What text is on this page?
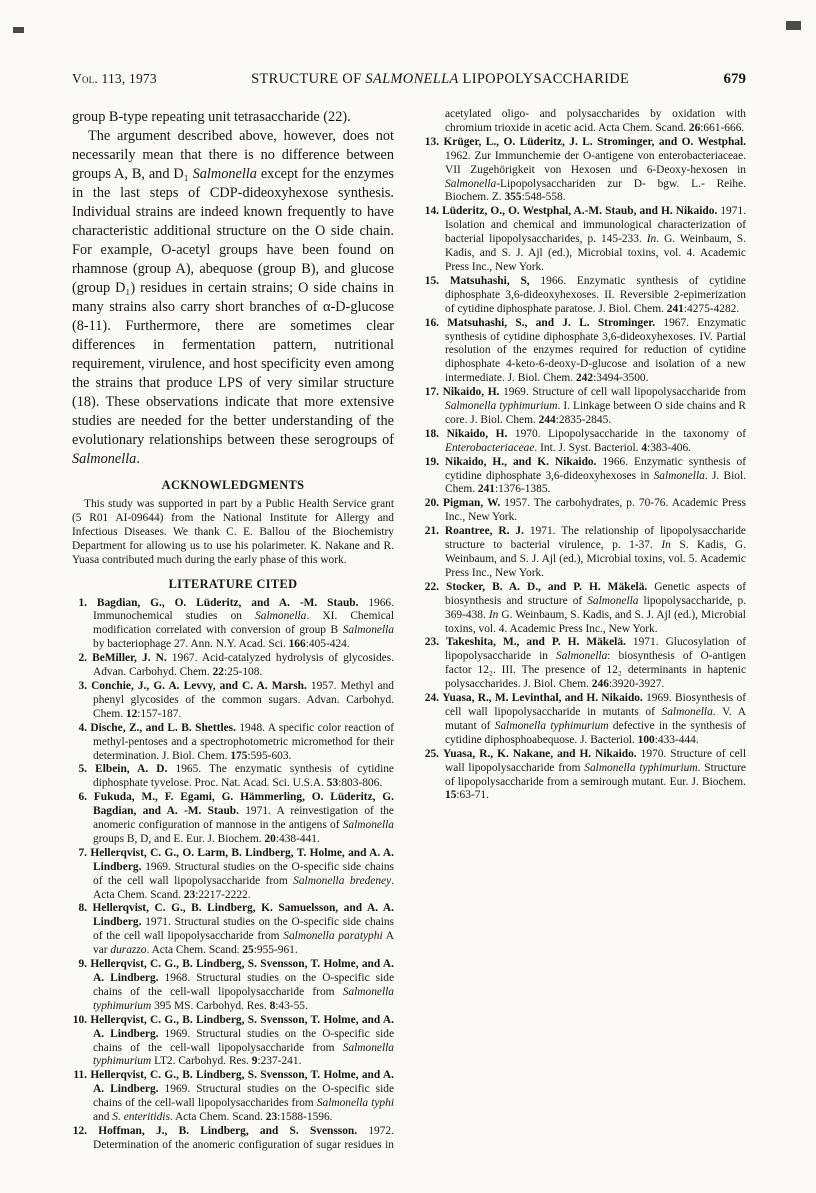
Vol. 113, 1973	STRUCTURE OF SALMONELLA LIPOPOLYSACCHARIDE	679

group B-type repeating unit tetrasaccharide (22).

The argument described above, however, does not necessarily mean that there is no difference between groups A, B, and D₁ Salmonella except for the enzymes in the last steps of CDP-dideoxyhexose synthesis. Individual strains are indeed known frequently to have characteristic additional structure on the O side chain. For example, O-acetyl groups have been found on rhamnose (group A), abequose (group B), and glucose (group D₁) residues in certain strains; O side chains in many strains also carry short branches of α-D-glucose (8-11). Furthermore, there are sometimes clear differences in fermentation pattern, nutritional requirement, virulence, and host specificity even among the strains that produce LPS of very similar structure (18). These observations indicate that more extensive studies are needed for the better understanding of the evolutionary relationships between these serogroups of Salmonella.

ACKNOWLEDGMENTS

This study was supported in part by a Public Health Service grant (5 R01 AI-09644) from the National Institute for Allergy and Infectious Diseases. We thank C. E. Ballou of the Biochemistry Department for allowing us to use his polarimeter. K. Nakane and R. Yuasa contributed much during the early phase of this work.

LITERATURE CITED

1. Bagdian, G., O. Lüderitz, and A. -M. Staub. 1966. Immunochemical studies on Salmonella. XI. Chemical modification correlated with conversion of group B Salmonella by bacteriophage 27. Ann. N.Y. Acad. Sci. 166:405-424.

2. BeMiller, J. N. 1967. Acid-catalyzed hydrolysis of glycosides. Advan. Carbohyd. Chem. 22:25-108.

3. Conchie, J., G. A. Levvy, and C. A. Marsh. 1957. Methyl and phenyl glycosides of the common sugars. Advan. Carbohyd. Chem. 12:157-187.

4. Dische, Z., and L. B. Shettles. 1948. A specific color reaction of methyl-pentoses and a spectrophotometric micromethod for their determination. J. Biol. Chem. 175:595-603.

5. Elbein, A. D. 1965. The enzymatic synthesis of cytidine diphosphate tyvelose. Proc. Nat. Acad. Sci. U.S.A. 53:803-806.

6. Fukuda, M., F. Egami, G. Hämmerling, O. Lüderitz, G. Bagdian, and A. -M. Staub. 1971. A reinvestigation of the anomeric configuration of mannose in the antigens of Salmonella groups B, D, and E. Eur. J. Biochem. 20:438-441.

7. Hellerqvist, C. G., O. Larm, B. Lindberg, T. Holme, and A. A. Lindberg. 1969. Structural studies on the O-specific side chains of the cell wall lipopolysaccharide from Salmonella bredeney. Acta Chem. Scand. 23:2217-2222.

8. Hellerqvist, C. G., B. Lindberg, K. Samuelsson, and A. A. Lindberg. 1971. Structural studies on the O-specific side chains of the cell wall lipopolysaccharide from Salmonella paratyphi A var durazzo. Acta Chem. Scand. 25:955-961.

9. Hellerqvist, C. G., B. Lindberg, S. Svensson, T. Holme, and A. A. Lindberg. 1968. Structural studies on the O-specific side chains of the cell-wall lipopolysaccharide from Salmonella typhimurium 395 MS. Carbohyd. Res. 8:43-55.

10. Hellerqvist, C. G., B. Lindberg, S. Svensson, T. Holme, and A. A. Lindberg. 1969. Structural studies on the O-specific side chains of the cell-wall lipopolysaccharide from Salmonella typhimurium LT2. Carbohyd. Res. 9:237-241.

11. Hellerqvist, C. G., B. Lindberg, S. Svensson, T. Holme, and A. A. Lindberg. 1969. Structural studies on the O-specific side chains of the cell-wall lipopolysaccharides from Salmonella typhi and S. enteritidis. Acta Chem. Scand. 23:1588-1596.

12. Hoffman, J., B. Lindberg, and S. Svensson. 1972. Determination of the anomeric configuration of sugar residues in acetylated oligo- and polysaccharides by oxidation with chromium trioxide in acetic acid. Acta Chem. Scand. 26:661-666.

13. Krüger, L., O. Lüderitz, J. L. Strominger, and O. Westphal. 1962. Zur Immunchemie der O-antigene von enterobacteriaceae. VII Zugehörigkeit von Hexosen und 6-Deoxy-hexosen in Salmonella-Lipopolysacchariden zur D- bgw. L.- Reihe. Biochem. Z. 355:548-558.

14. Lüderitz, O., O. Westphal, A.-M. Staub, and H. Nikaido. 1971. Isolation and chemical and immunological characterization of bacterial lipopolysaccharides, p. 145-233. In. G. Weinbaum, S. Kadis, and S. J. Ajl (ed.), Microbial toxins, vol. 4. Academic Press Inc., New York.

15. Matsuhashi, S, 1966. Enzymatic synthesis of cytidine diphosphate 3,6-dideoxyhexoses. II. Reversible 2-epimerization of cytidine diphosphate paratose. J. Biol. Chem. 241:4275-4282.

16. Matsuhashi, S., and J. L. Strominger. 1967. Enzymatic synthesis of cytidine diphosphate 3,6-dideoxyhexoses. IV. Partial resolution of the enzymes required for reduction of cytidine diphosphate 4-keto-6-deoxy-D-glucose and isolation of a new intermediate. J. Biol. Chem. 242:3494-3500.

17. Nikaido, H. 1969. Structure of cell wall lipopolysaccharide from Salmonella typhimurium. I. Linkage between O side chains and R core. J. Biol. Chem. 244:2835-2845.

18. Nikaido, H. 1970. Lipopolysaccharide in the taxonomy of Enterobacteriaceae. Int. J. Syst. Bacteriol. 4:383-406.

19. Nikaido, H., and K. Nikaido. 1966. Enzymatic synthesis of cytidine diphosphate 3,6-dideoxyhexoses in Salmonella. J. Biol. Chem. 241:1376-1385.

20. Pigman, W. 1957. The carbohydrates, p. 70-76. Academic Press Inc., New York.

21. Roantree, R. J. 1971. The relationship of lipopolysaccharide structure to bacterial virulence, p. 1-37. In S. Kadis, G. Weinbaum, and S. J. Ajl (ed.), Microbial toxins, vol. 5. Academic Press Inc., New York.

22. Stocker, B. A. D., and P. H. Mäkelä. Genetic aspects of biosynthesis and structure of Salmonella lipopolysaccharide, p. 369-438. In G. Weinbaum, S. Kadis, and S. J. Ajl (ed.), Microbial toxins, vol. 4. Academic Press Inc., New York.

23. Takeshita, M., and P. H. Mäkelä. 1971. Glucosylation of lipopolysaccharide in Salmonella: biosynthesis of O-antigen factor 12₂. III. The presence of 12₂ determinants in haptenic polysaccharides. J. Biol. Chem. 246:3920-3927.

24. Yuasa, R., M. Levinthal, and H. Nikaido. 1969. Biosynthesis of cell wall lipopolysaccharide in mutants of Salmonella. V. A mutant of Salmonella typhimurium defective in the synthesis of cytidine diphosphoabequose. J. Bacteriol. 100:433-444.

25. Yuasa, R., K. Nakane, and H. Nikaido. 1970. Structure of cell wall lipopolysaccharide from Salmonella typhimurium. Structure of lipopolysaccharide from a semirough mutant. Eur. J. Biochem. 15:63-71.
